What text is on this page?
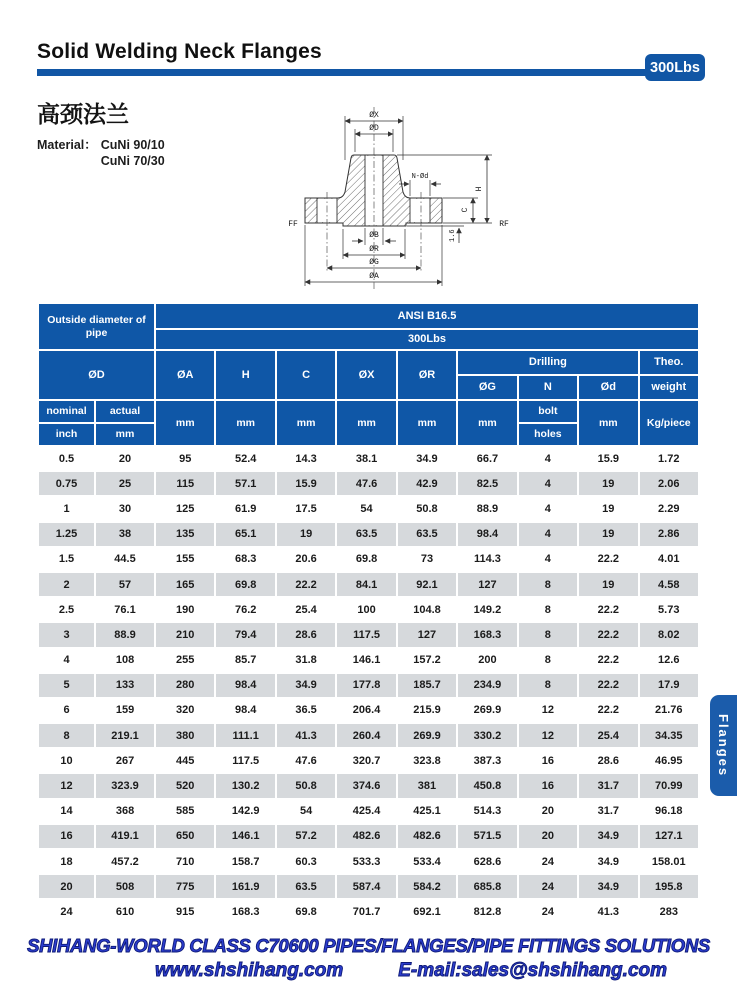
Solid Welding Neck Flanges
300Lbs
高颈法兰
Material： CuNi 90/10
CuNi 70/30
ØX
ØD
N-Ød
H
C
1.6
FF	RF
ØB
ØR
ØG
ØA
Outside diameter of pipe		ANSI B16.5								
		300Lbs								
ØD		ØA	H	C	ØX	ØR	Drilling			Theo.
							ØG	N	Ød	weight
nominal	actual	mm	mm	mm	mm	mm	mm	bolt	mm	Kg/piece
inch	mm							holes		
0.5	20	95	52.4	14.3	38.1	34.9	66.7	4	15.9	1.72
0.75	25	115	57.1	15.9	47.6	42.9	82.5	4	19	2.06
1	30	125	61.9	17.5	54	50.8	88.9	4	19	2.29
1.25	38	135	65.1	19	63.5	63.5	98.4	4	19	2.86
1.5	44.5	155	68.3	20.6	69.8	73	114.3	4	22.2	4.01
2	57	165	69.8	22.2	84.1	92.1	127	8	19	4.58
2.5	76.1	190	76.2	25.4	100	104.8	149.2	8	22.2	5.73
3	88.9	210	79.4	28.6	117.5	127	168.3	8	22.2	8.02
4	108	255	85.7	31.8	146.1	157.2	200	8	22.2	12.6
5	133	280	98.4	34.9	177.8	185.7	234.9	8	22.2	17.9
6	159	320	98.4	36.5	206.4	215.9	269.9	12	22.2	21.76
8	219.1	380	111.1	41.3	260.4	269.9	330.2	12	25.4	34.35
10	267	445	117.5	47.6	320.7	323.8	387.3	16	28.6	46.95
12	323.9	520	130.2	50.8	374.6	381	450.8	16	31.7	70.99
14	368	585	142.9	54	425.4	425.1	514.3	20	31.7	96.18
16	419.1	650	146.1	57.2	482.6	482.6	571.5	20	34.9	127.1
18	457.2	710	158.7	60.3	533.3	533.4	628.6	24	34.9	158.01
20	508	775	161.9	63.5	587.4	584.2	685.8	24	34.9	195.8
24	610	915	168.3	69.8	701.7	692.1	812.8	24	41.3	283
Flanges
SHIHANG-WORLD CLASS C70600 PIPES/FLANGES/PIPE FITTINGS SOLUTIONS
www.shshihang.com	E-mail:sales@shshihang.com
